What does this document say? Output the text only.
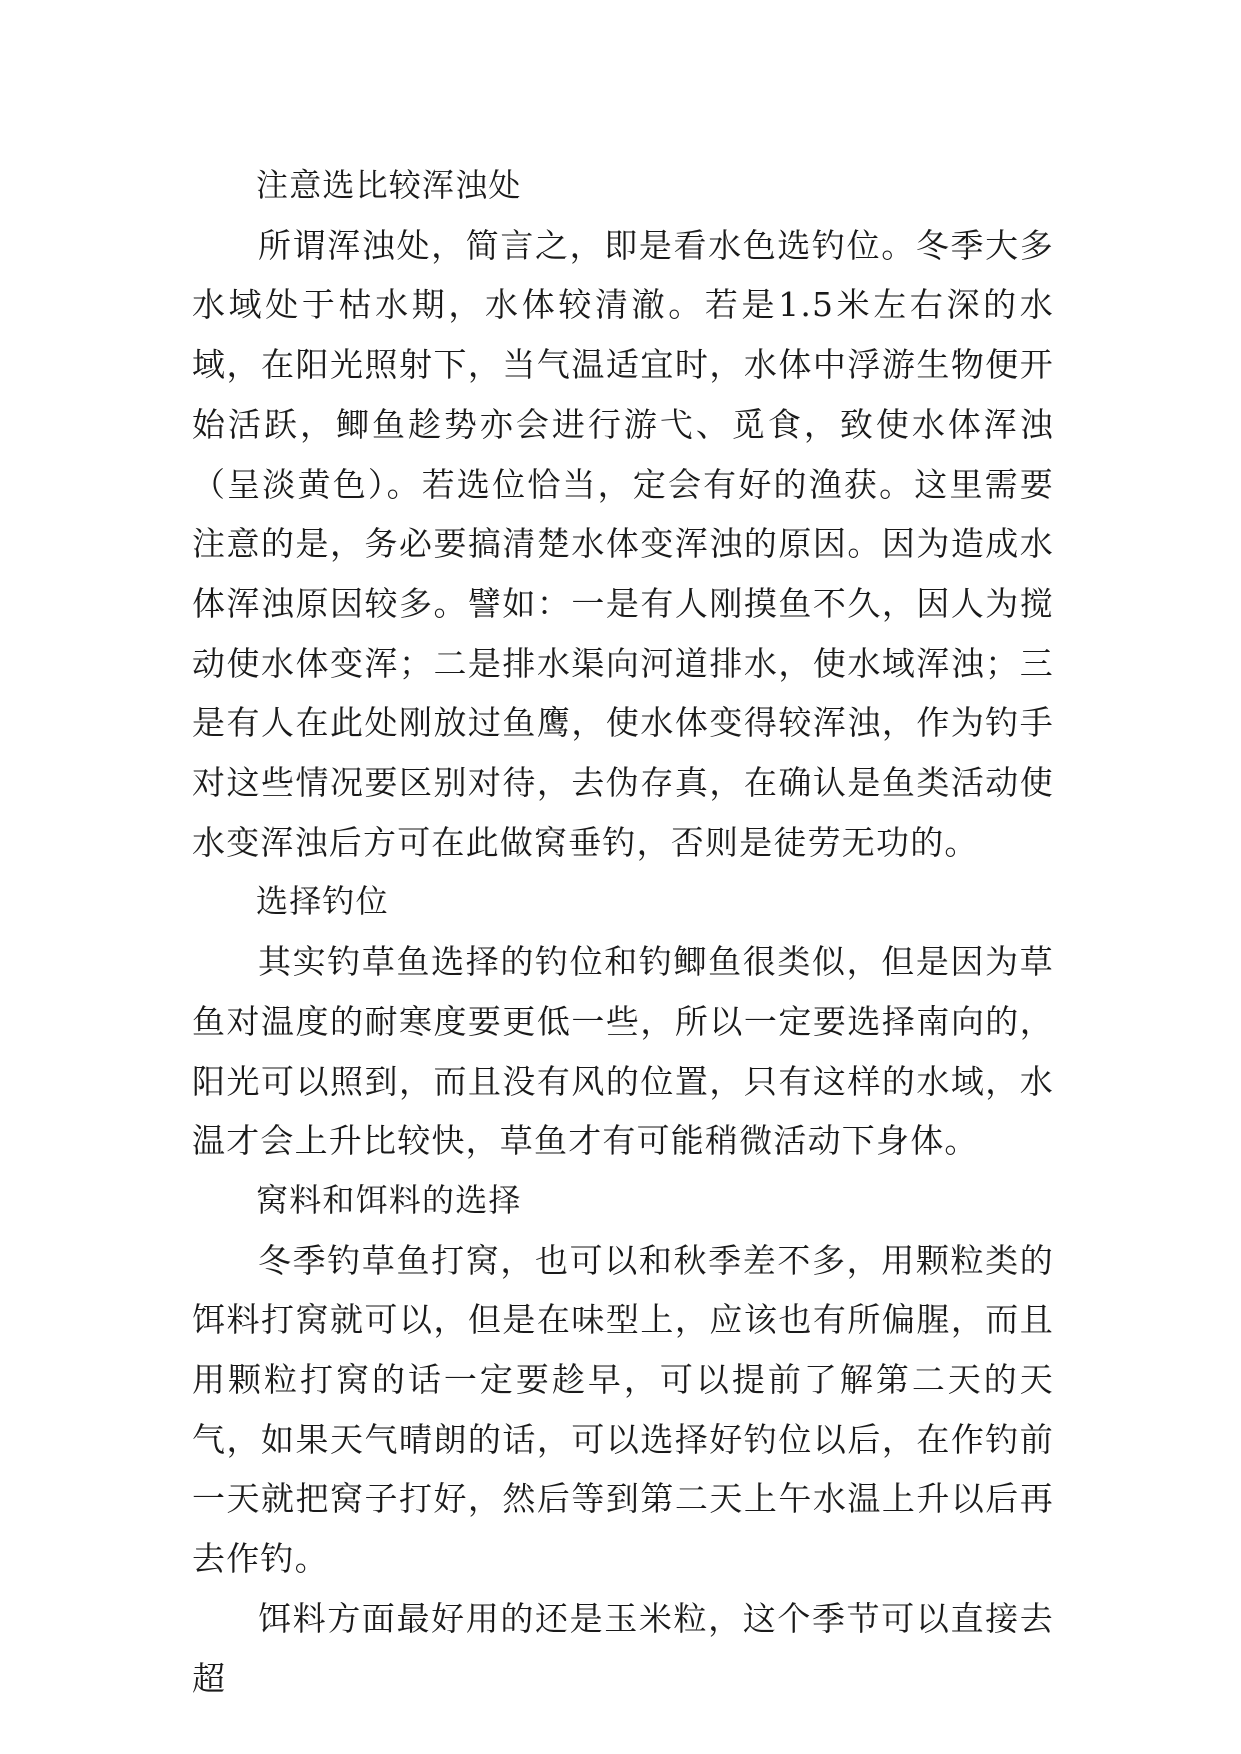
注意选比较浑浊处

所谓浑浊处，简言之，即是看水色选钓位。冬季大多水域处于枯水期，水体较清澈。若是1.5米左右深的水域，在阳光照射下，当气温适宜时，水体中浮游生物便开始活跃，鲫鱼趁势亦会进行游弋、觅食，致使水体浑浊（呈淡黄色）。若选位恰当，定会有好的渔获。这里需要注意的是，务必要搞清楚水体变浑浊的原因。因为造成水体浑浊原因较多。譬如：一是有人刚摸鱼不久，因人为搅动使水体变浑；二是排水渠向河道排水，使水域浑浊；三是有人在此处刚放过鱼鹰，使水体变得较浑浊，作为钓手对这些情况要区别对待，去伪存真，在确认是鱼类活动使水变浑浊后方可在此做窝垂钓，否则是徒劳无功的。

选择钓位

其实钓草鱼选择的钓位和钓鲫鱼很类似，但是因为草鱼对温度的耐寒度要更低一些，所以一定要选择南向的，阳光可以照到，而且没有风的位置，只有这样的水域，水温才会上升比较快，草鱼才有可能稍微活动下身体。

窝料和饵料的选择

冬季钓草鱼打窝，也可以和秋季差不多，用颗粒类的饵料打窝就可以，但是在味型上，应该也有所偏腥，而且用颗粒打窝的话一定要趁早，可以提前了解第二天的天气，如果天气晴朗的话，可以选择好钓位以后，在作钓前一天就把窝子打好，然后等到第二天上午水温上升以后再去作钓。

饵料方面最好用的还是玉米粒，这个季节可以直接去超
